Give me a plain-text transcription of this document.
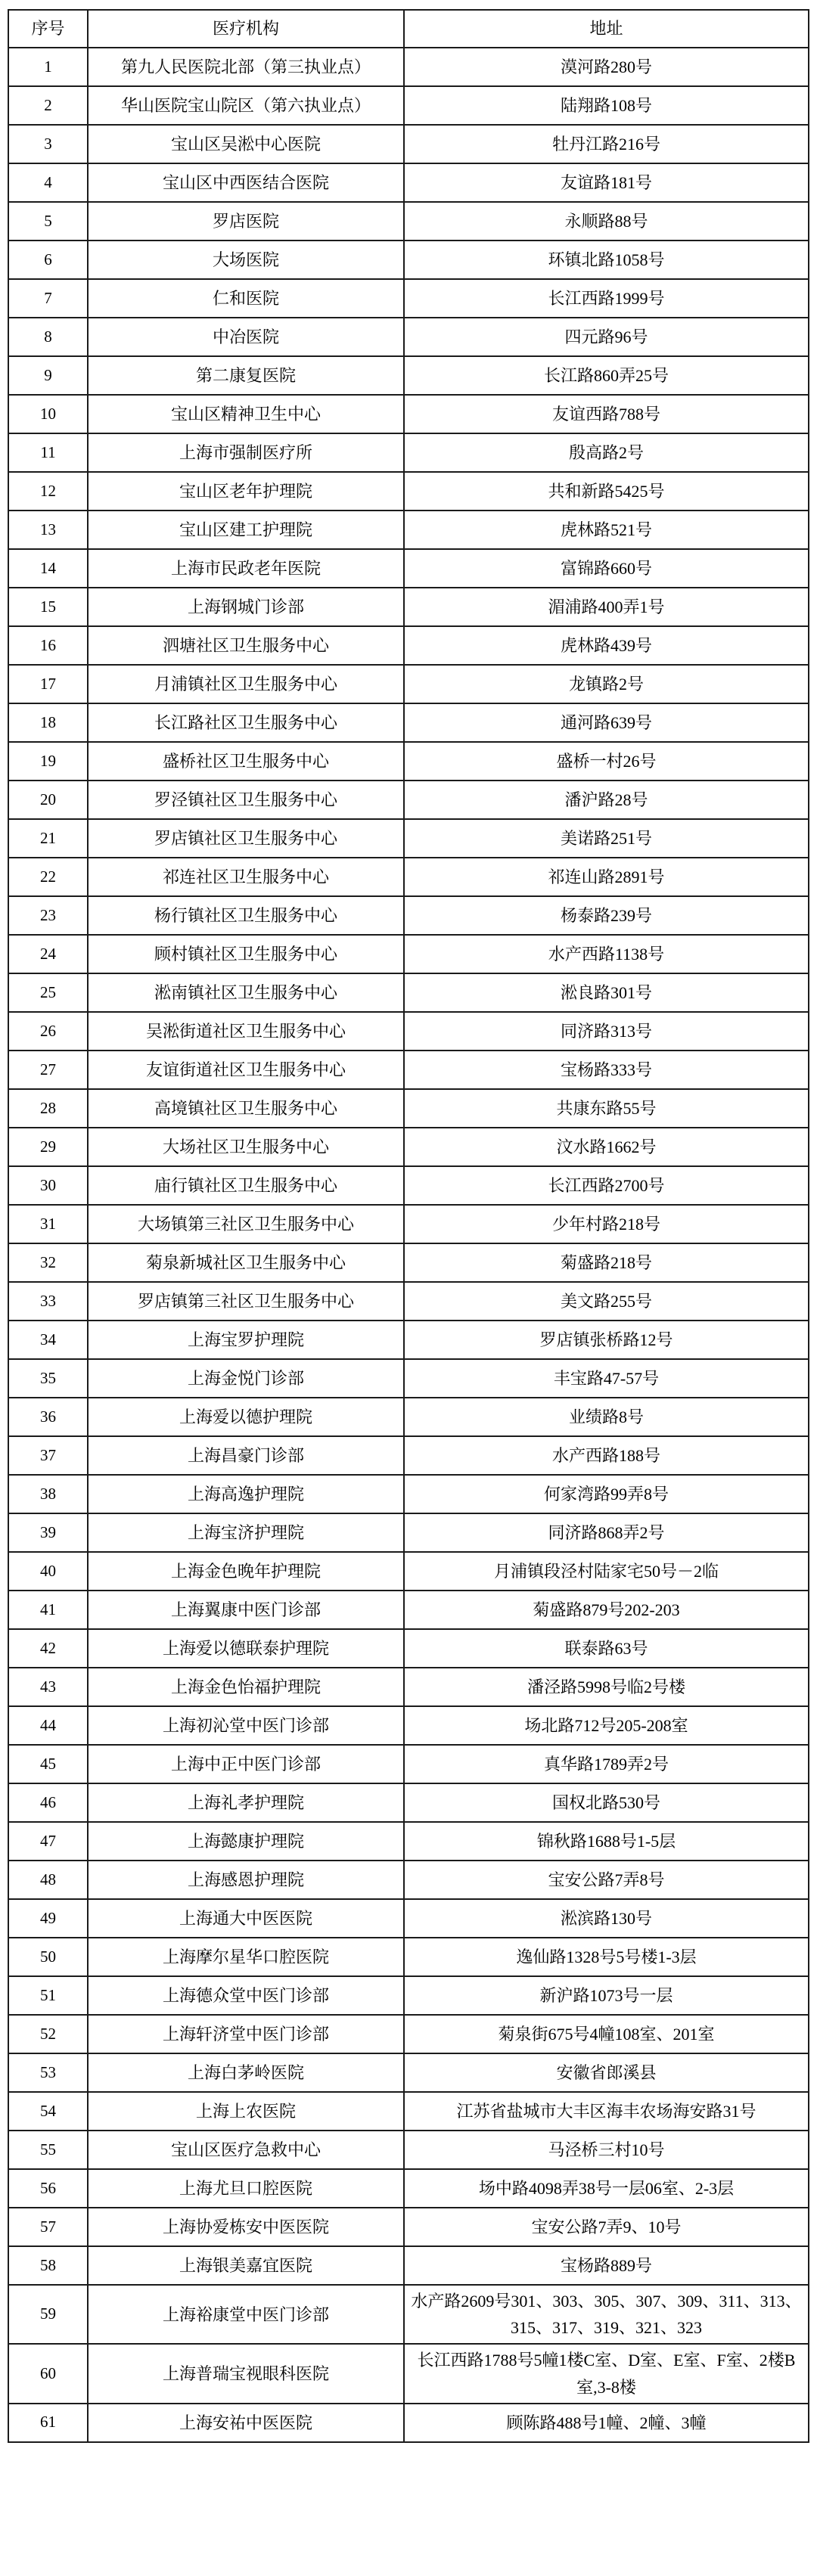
序号	医疗机构	地址
1	第九人民医院北部（第三执业点）	漠河路280号
2	华山医院宝山院区（第六执业点）	陆翔路108号
3	宝山区吴淞中心医院	牡丹江路216号
4	宝山区中西医结合医院	友谊路181号
5	罗店医院	永顺路88号
6	大场医院	环镇北路1058号
7	仁和医院	长江西路1999号
8	中冶医院	四元路96号
9	第二康复医院	长江路860弄25号
10	宝山区精神卫生中心	友谊西路788号
11	上海市强制医疗所	殷高路2号
12	宝山区老年护理院	共和新路5425号
13	宝山区建工护理院	虎林路521号
14	上海市民政老年医院	富锦路660号
15	上海钢城门诊部	湄浦路400弄1号
16	泗塘社区卫生服务中心	虎林路439号
17	月浦镇社区卫生服务中心	龙镇路2号
18	长江路社区卫生服务中心	通河路639号
19	盛桥社区卫生服务中心	盛桥一村26号
20	罗泾镇社区卫生服务中心	潘沪路28号
21	罗店镇社区卫生服务中心	美诺路251号
22	祁连社区卫生服务中心	祁连山路2891号
23	杨行镇社区卫生服务中心	杨泰路239号
24	顾村镇社区卫生服务中心	水产西路1138号
25	淞南镇社区卫生服务中心	淞良路301号
26	吴淞街道社区卫生服务中心	同济路313号
27	友谊街道社区卫生服务中心	宝杨路333号
28	高境镇社区卫生服务中心	共康东路55号
29	大场社区卫生服务中心	汶水路1662号
30	庙行镇社区卫生服务中心	长江西路2700号
31	大场镇第三社区卫生服务中心	少年村路218号
32	菊泉新城社区卫生服务中心	菊盛路218号
33	罗店镇第三社区卫生服务中心	美文路255号
34	上海宝罗护理院	罗店镇张桥路12号
35	上海金悦门诊部	丰宝路47-57号
36	上海爱以德护理院	业绩路8号
37	上海昌豪门诊部	水产西路188号
38	上海高逸护理院	何家湾路99弄8号
39	上海宝济护理院	同济路868弄2号
40	上海金色晚年护理院	月浦镇段泾村陆家宅50号－2临
41	上海翼康中医门诊部	菊盛路879号202-203
42	上海爱以德联泰护理院	联泰路63号
43	上海金色怡福护理院	潘泾路5998号临2号楼
44	上海初沁堂中医门诊部	场北路712号205-208室
45	上海中正中医门诊部	真华路1789弄2号
46	上海礼孝护理院	国权北路530号
47	上海懿康护理院	锦秋路1688号1-5层
48	上海感恩护理院	宝安公路7弄8号
49	上海通大中医医院	淞滨路130号
50	上海摩尔星华口腔医院	逸仙路1328号5号楼1-3层
51	上海德众堂中医门诊部	新沪路1073号一层
52	上海轩济堂中医门诊部	菊泉街675号4幢108室、201室
53	上海白茅岭医院	安徽省郎溪县
54	上海上农医院	江苏省盐城市大丰区海丰农场海安路31号
55	宝山区医疗急救中心	马泾桥三村10号
56	上海尤旦口腔医院	场中路4098弄38号一层06室、2-3层
57	上海协爱栋安中医医院	宝安公路7弄9、10号
58	上海银美嘉宜医院	宝杨路889号
59	上海裕康堂中医门诊部	水产路2609号301、303、305、307、309、311、313、315、317、319、321、323
60	上海普瑞宝视眼科医院	长江西路1788号5幢1楼C室、D室、E室、F室、2楼B室,3-8楼
61	上海安祐中医医院	顾陈路488号1幢、2幢、3幢
